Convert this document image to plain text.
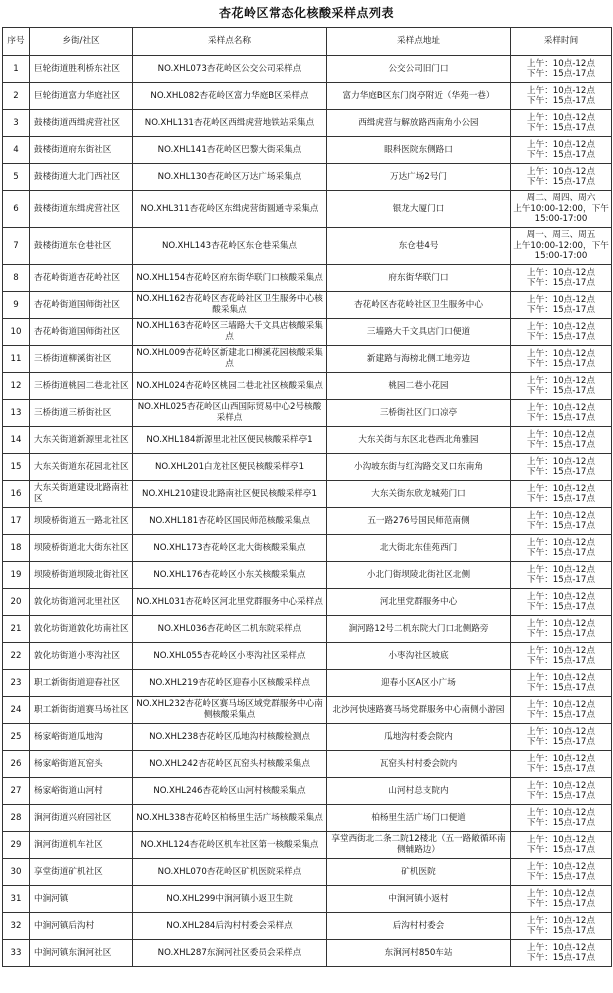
杏花岭区常态化核酸采样点列表
序号	乡街/社区	采样点名称	采样点地址	采样时间
1	巨轮街道胜利桥东社区	NO.XHL073杏花岭区公交公司采样点	公交公司旧门口	上午：10点-12点
下午：15点-17点
2	巨轮街道富力华庭社区	NO.XHL082杏花岭区富力华庭B区采样点	富力华庭B区东门岗亭附近（华苑一巷）	上午：10点-12点
下午：15点-17点
3	鼓楼街道西缉虎营社区	NO.XHL131杏花岭区西缉虎营地铁站采集点	西缉虎营与解放路西南角小公园	上午：10点-12点
下午：15点-17点
4	鼓楼街道府东街社区	NO.XHL141杏花岭区巴黎大街采集点	眼科医院东侧路口	上午：10点-12点
下午：15点-17点
5	鼓楼街道大北门西社区	NO.XHL130杏花岭区万达广场采集点	万达广场2号门	上午：10点-12点
下午：15点-17点
6	鼓楼街道东缉虎营社区	NO.XHL311杏花岭区东缉虎营街圆通寺采集点	银龙大厦门口	周二、周四、周六
上午10:00-12:00，下午
15:00-17:00
7	鼓楼街道东仓巷社区	NO.XHL143杏花岭区东仓巷采集点	东仓巷4号	周一、周三、周五
上午10:00-12:00，下午
15:00-17:00
8	杏花岭街道杏花岭社区	NO.XHL154杏花岭区府东街华联门口核酸采集点	府东街华联门口	上午：10点-12点
下午：15点-17点
9	杏花岭街道国师街社区	NO.XHL162杏花岭区杏花岭社区卫生服务中心核酸采集点	杏花岭区杏花岭社区卫生服务中心	上午：10点-12点
下午：15点-17点
10	杏花岭街道国师街社区	NO.XHL163杏花岭区三墙路大千文具店核酸采集点	三墙路大千文具店门口便道	上午：10点-12点
下午：15点-17点
11	三桥街道柳溪街社区	NO.XHL009杏花岭区新建北口柳溪花园核酸采集点	新建路与海榜北侧工地旁边	上午：10点-12点
下午：15点-17点
12	三桥街道桃园二巷北社区	NO.XHL024杏花岭区桃园二巷北社区核酸采集点	桃园二巷小花园	上午：10点-12点
下午：15点-17点
13	三桥街道三桥街社区	NO.XHL025杏花岭区山西国际贸易中心2号核酸采样点	三桥街社区门口凉亭	上午：10点-12点
下午：15点-17点
14	大东关街道新源里北社区	NO.XHL184新源里北社区便民核酸采样亭1	大东关街与东区北巷西北角雅园	上午：10点-12点
下午：15点-17点
15	大东关街道东花园北社区	NO.XHL201白龙社区便民核酸采样亭1	小沟坡东街与红沟路交叉口东南角	上午：10点-12点
下午：15点-17点
16	大东关街道建设北路南社区	NO.XHL210建设北路南社区便民核酸采样亭1	大东关街东欣龙城苑门口	上午：10点-12点
下午：15点-17点
17	坝陵桥街道五一路北社区	NO.XHL181杏花岭区国民师范核酸采集点	五一路276号国民师范南侧	上午：10点-12点
下午：15点-17点
18	坝陵桥街道北大街东社区	NO.XHL173杏花岭区北大街核酸采集点	北大街北东佳苑西门	上午：10点-12点
下午：15点-17点
19	坝陵桥街道坝陵北街社区	NO.XHL176杏花岭区小东关核酸采集点	小北门街坝陵北街社区北侧	上午：10点-12点
下午：15点-17点
20	敦化坊街道河北里社区	NO.XHL031杏花岭区河北里党群服务中心采样点	河北里党群服务中心	上午：10点-12点
下午：15点-17点
21	敦化坊街道敦化坊南社区	NO.XHL036杏花岭区二机东院采样点	涧河路12号二机东院大门口北侧路旁	上午：10点-12点
下午：15点-17点
22	敦化坊街道小枣沟社区	NO.XHL055杏花岭区小枣沟社区采样点	小枣沟社区坡底	上午：10点-12点
下午：15点-17点
23	职工新街街道迎春社区	NO.XHL219杏花岭区迎春小区核酸采样点	迎春小区A区小广场	上午：10点-12点
下午：15点-17点
24	职工新街街道赛马场社区	NO.XHL232杏花岭区赛马场区域党群服务中心南侧核酸采集点	北沙河快速路赛马场党群服务中心南侧小游园	上午：10点-12点
下午：15点-17点
25	杨家峪街道瓜地沟	NO.XHL238杏花岭区瓜地沟村核酸检测点	瓜地沟村委会院内	上午：10点-12点
下午：15点-17点
26	杨家峪街道瓦窑头	NO.XHL242杏花岭区瓦窑头村核酸采集点	瓦窑头村村委会院内	上午：10点-12点
下午：15点-17点
27	杨家峪街道山河村	NO.XHL246杏花岭区山河村核酸采集点	山河村总支院内	上午：10点-12点
下午：15点-17点
28	涧河街道兴府园社区	NO.XHL338杏花岭区柏杨里生活广场核酸采集点	柏杨里生活广场门口便道	上午：10点-12点
下午：15点-17点
29	涧河街道机车社区	NO.XHL124杏花岭区机车社区第一核酸采集点	享堂西街北二条二院12楼北（五一路敞循环南侧辅路边）	上午：10点-12点
下午：15点-17点
30	享堂街道矿机社区	NO.XHL070杏花岭区矿机医院采样点	矿机医院	上午：10点-12点
下午：15点-17点
31	中涧河镇	NO.XHL299中涧河镇小返卫生院	中涧河镇小返村	上午：10点-12点
下午：15点-17点
32	中涧河镇后沟村	NO.XHL284后沟村村委会采样点	后沟村村委会	上午：10点-12点
下午：15点-17点
33	中涧河镇东涧河社区	NO.XHL287东涧河社区委员会采样点	东涧河村850车站	上午：10点-12点
下午：15点-17点
